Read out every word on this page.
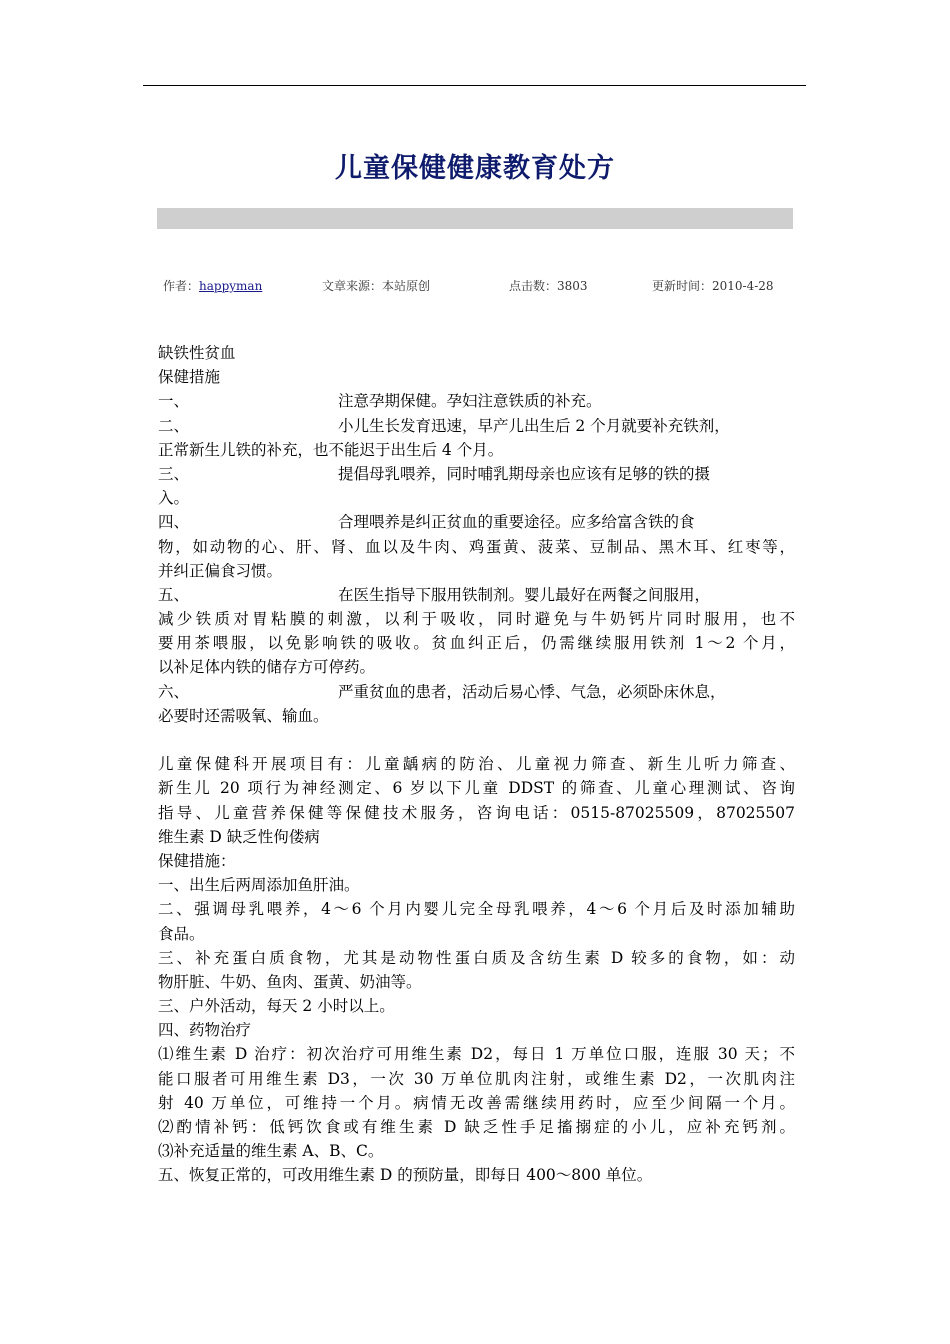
儿童保健健康教育处方
作者：happyman	文章来源：本站原创	点击数：3803	更新时间：2010-4-28
缺铁性贫血
保健措施
一、	注意孕期保健。孕妇注意铁质的补充。
二、	小儿生长发育迅速，早产儿出生后 2 个月就要补充铁剂，
正常新生儿铁的补充，也不能迟于出生后 4 个月。
三、	提倡母乳喂养，同时哺乳期母亲也应该有足够的铁的摄
入。
四、	合理喂养是纠正贫血的重要途径。应多给富含铁的食
物，如动物的心、肝、肾、血以及牛肉、鸡蛋黄、菠菜、豆制品、黑木耳、红枣等，
并纠正偏食习惯。
五、	在医生指导下服用铁制剂。婴儿最好在两餐之间服用，
减少铁质对胃粘膜的刺激，以利于吸收，同时避免与牛奶钙片同时服用，也不
要用茶喂服，以免影响铁的吸收。贫血纠正后，仍需继续服用铁剂 1～2 个月，
以补足体内铁的储存方可停药。
六、	严重贫血的患者，活动后易心悸、气急，必须卧床休息，
必要时还需吸氧、输血。
儿童保健科开展项目有：儿童龋病的防治、儿童视力筛查、新生儿听力筛查、
新生儿 20 项行为神经测定、6 岁以下儿童 DDST 的筛查、儿童心理测试、咨询
指导、儿童营养保健等保健技术服务，咨询电话：0515-87025509，87025507
维生素 D 缺乏性佝偻病
保健措施：
一、出生后两周添加鱼肝油。
二、强调母乳喂养，4～6 个月内婴儿完全母乳喂养，4～6 个月后及时添加辅助
食品。
三、补充蛋白质食物，尤其是动物性蛋白质及含纺生素 D 较多的食物，如：动
物肝脏、牛奶、鱼肉、蛋黄、奶油等。
三、户外活动，每天 2 小时以上。
四、药物治疗
⑴维生素 D 治疗：初次治疗可用维生素 D2，每日 1 万单位口服，连服 30 天；不
能口服者可用维生素 D3，一次 30 万单位肌肉注射，或维生素 D2，一次肌肉注
射 40 万单位，可维持一个月。病情无改善需继续用药时，应至少间隔一个月。
⑵酌情补钙：低钙饮食或有维生素 D 缺乏性手足搐搦症的小儿，应补充钙剂。
⑶补充适量的维生素 A、B、C。
五、恢复正常的，可改用维生素 D 的预防量，即每日 400～800 单位。
